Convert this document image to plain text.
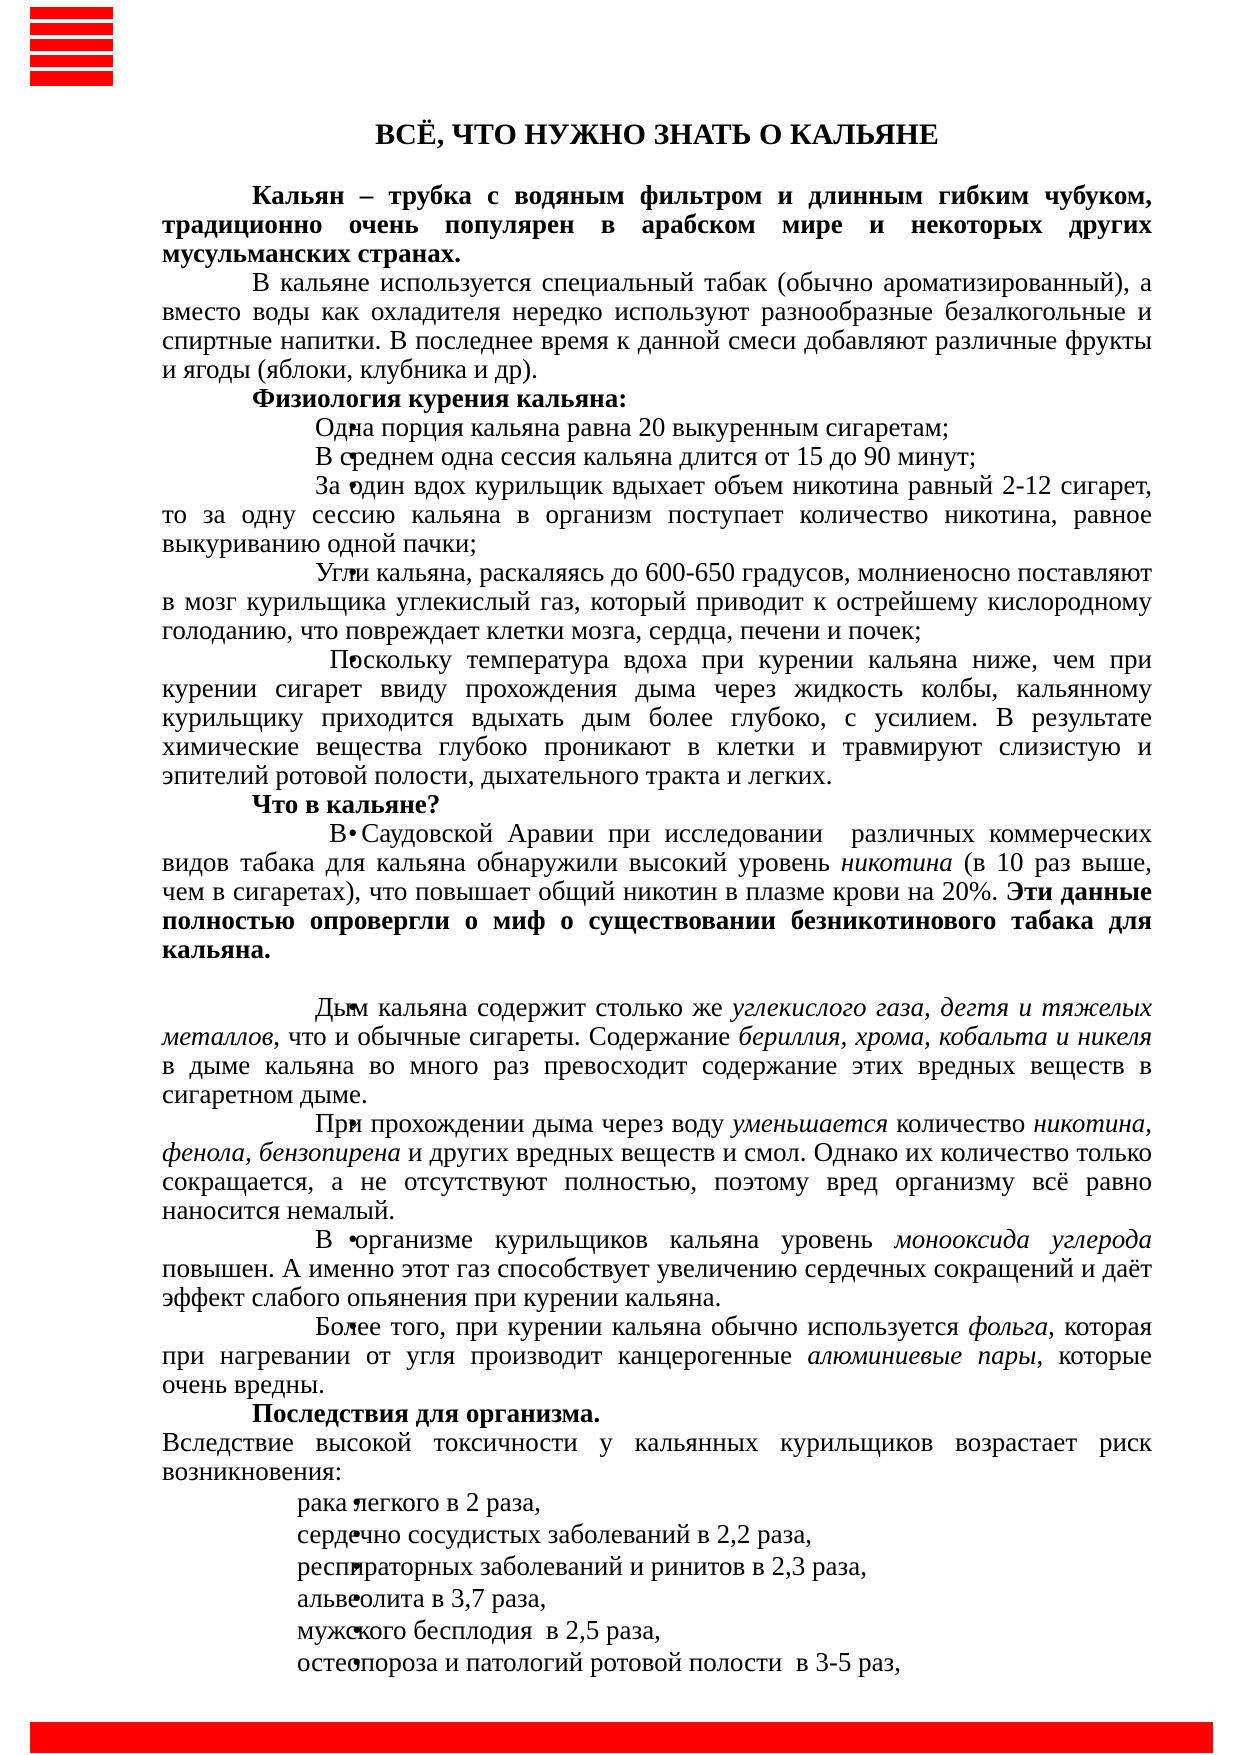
ВСЁ, ЧТО НУЖНО ЗНАТЬ О КАЛЬЯНЕ

Кальян – трубка с водяным фильтром и длинным гибким чубуком, традиционно очень популярен в арабском мире и некоторых других мусульманских странах.

В кальяне используется специальный табак (обычно ароматизированный), а вместо воды как охладителя нередко используют разнообразные безалкогольные и спиртные напитки. В последнее время к данной смеси добавляют различные фрукты и ягоды (яблоки, клубника и др).

Физиология курения кальяна:

•Одна порция кальяна равна 20 выкуренным сигаретам;

•В среднем одна сессия кальяна длится от 15 до 90 минут;

•За один вдох курильщик вдыхает объем никотина равный 2-12 сигарет, то за одну сессию кальяна в организм поступает количество никотина, равное выкуриванию одной пачки;

•Угли кальяна, раскаляясь до 600-650 градусов, молниеносно поставляют в мозг курильщика углекислый газ, который приводит к острейшему кислородному голоданию, что повреждает клетки мозга, сердца, печени и почек;

• Поскольку температура вдоха при курении кальяна ниже, чем при курении сигарет ввиду прохождения дыма через жидкость колбы, кальянному курильщику приходится вдыхать дым более глубоко, с усилием. В результате химические вещества глубоко проникают в клетки и травмируют слизистую и эпителий ротовой полости, дыхательного тракта и легких.

Что в кальяне?

• В Саудовской Аравии при исследовании  различных коммерческих видов табака для кальяна обнаружили высокий уровень никотина (в 10 раз выше, чем в сигаретах), что повышает общий никотин в плазме крови на 20%. Эти данные полностью опровергли о миф о существовании безникотинового табака для кальяна.

•Дым кальяна содержит столько же углекислого газа, дегтя и тяжелых металлов, что и обычные сигареты. Содержание бериллия, хрома, кобальта и никеля в дыме кальяна во много раз превосходит содержание этих вредных веществ в сигаретном дыме.

•При прохождении дыма через воду уменьшается количество никотина, фенола, бензопирена и других вредных веществ и смол. Однако их количество только сокращается, а не отсутствуют полностью, поэтому вред организму всё равно наносится немалый.

•В организме курильщиков кальяна уровень монооксида углерода повышен. А именно этот газ способствует увеличению сердечных сокращений и даёт эффект слабого опьянения при курении кальяна.

•Более того, при курении кальяна обычно используется фольга, которая при нагревании от угля производит канцерогенные алюминиевые пары, которые очень вредны.

Последствия для организма.

Вследствие высокой токсичности у кальянных курильщиков возрастает риск возникновения:

•рака легкого в 2 раза,

•сердечно сосудистых заболеваний в 2,2 раза,

•респираторных заболеваний и ринитов в 2,3 раза,

•альвеолита в 3,7 раза,

•мужского бесплодия  в 2,5 раза,

•остеопороза и патологий ротовой полости  в 3-5 раз,
